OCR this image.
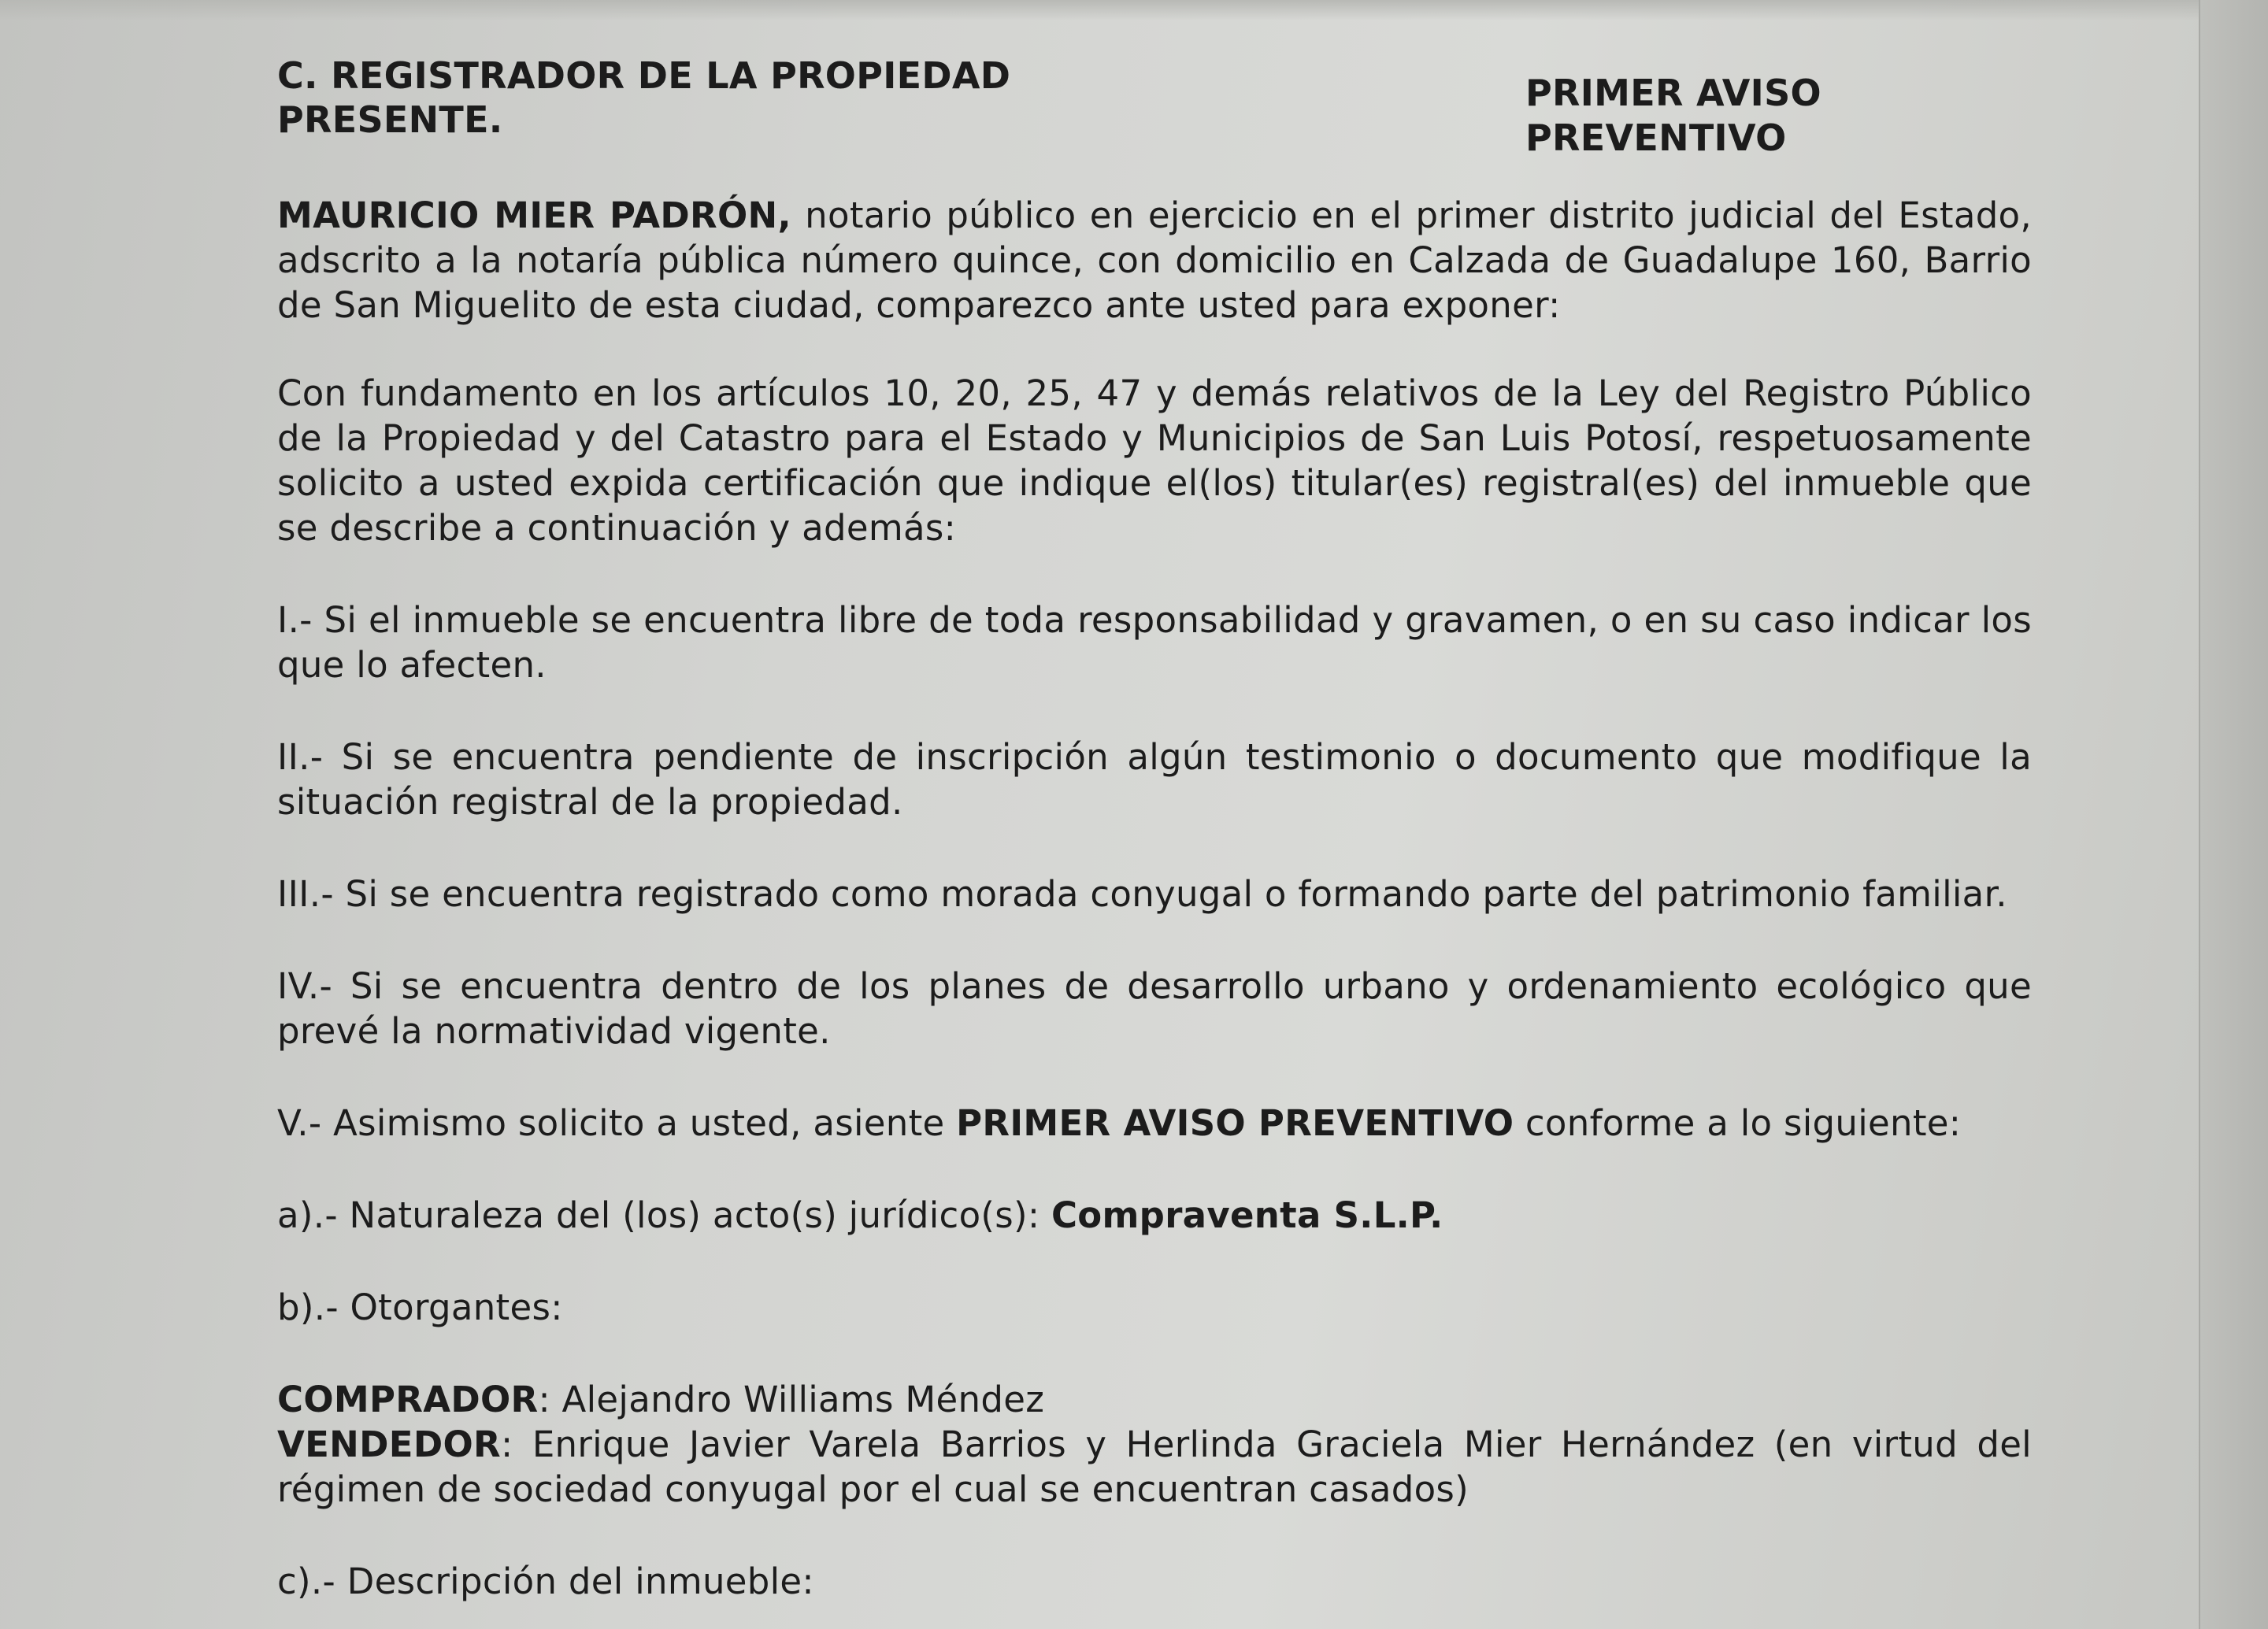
C. REGISTRADOR DE LA PROPIEDAD
PRESENTE.
PRIMER AVISO PREVENTIVO

MAURICIO MIER PADRÓN, notario público en ejercicio en el primer distrito judicial del Estado, adscrito a la notaría pública número quince, con domicilio en Calzada de Guadalupe 160, Barrio de San Miguelito de esta ciudad, comparezco ante usted para exponer:

Con fundamento en los artículos 10, 20, 25, 47 y demás relativos de la Ley del Registro Público de la Propiedad y del Catastro para el Estado y Municipios de San Luis Potosí, respetuosamente solicito a usted expida certificación que indique el(los) titular(es) registral(es) del inmueble que se describe a continuación y además:

I.- Si el inmueble se encuentra libre de toda responsabilidad y gravamen, o en su caso indicar los que lo afecten.

II.- Si se encuentra pendiente de inscripción algún testimonio o documento que modifique la situación registral de la propiedad.

III.- Si se encuentra registrado como morada conyugal o formando parte del patrimonio familiar.

IV.- Si se encuentra dentro de los planes de desarrollo urbano y ordenamiento ecológico que prevé la normatividad vigente.

V.- Asimismo solicito a usted, asiente PRIMER AVISO PREVENTIVO conforme a lo siguiente:

a).- Naturaleza del (los) acto(s) jurídico(s): Compraventa S.L.P.

b).- Otorgantes:

COMPRADOR: Alejandro Williams Méndez

VENDEDOR: Enrique Javier Varela Barrios y Herlinda Graciela Mier Hernández (en virtud del régimen de sociedad conyugal por el cual se encuentran casados)

c).- Descripción del inmueble:
